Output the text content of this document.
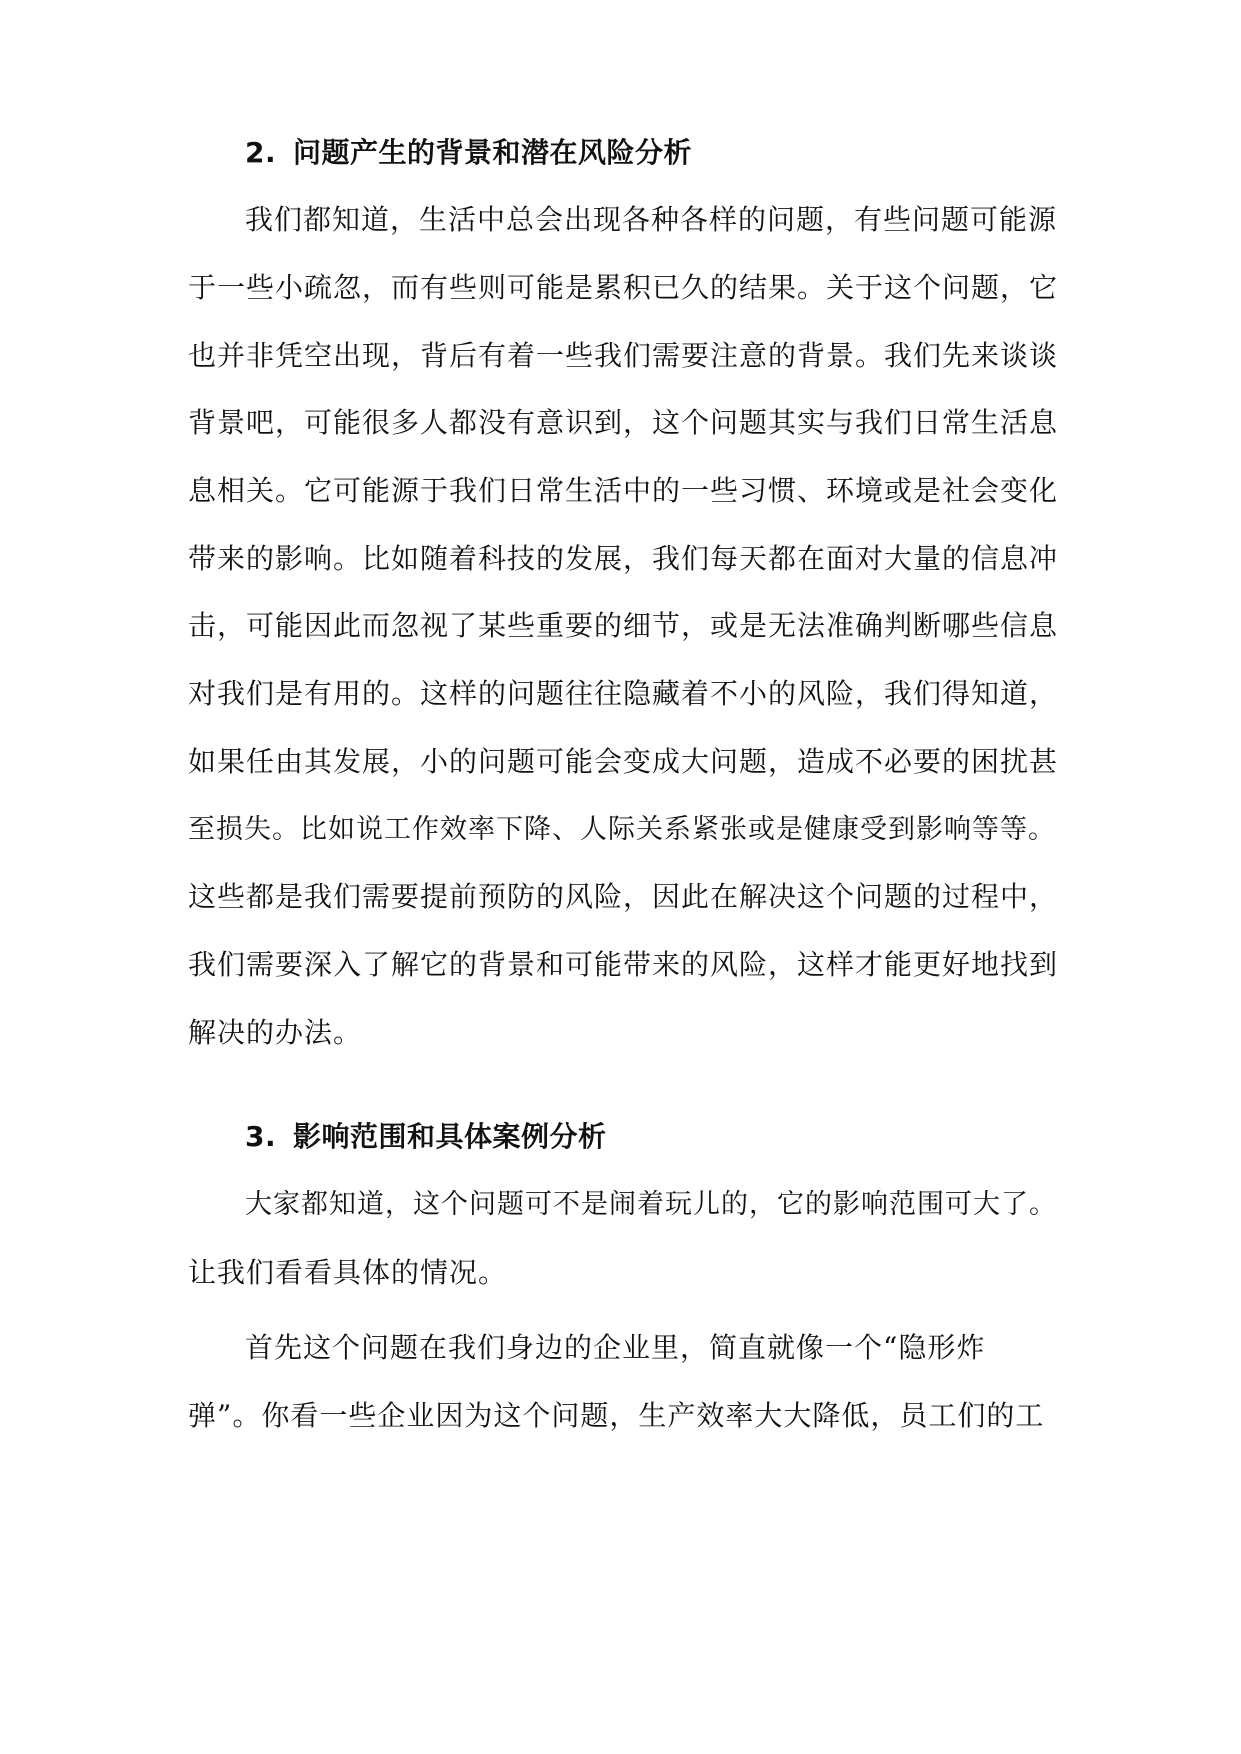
2. 问题产生的背景和潜在风险分析
我们都知道，生活中总会出现各种各样的问题，有些问题可能源
于一些小疏忽，而有些则可能是累积已久的结果。关于这个问题，它
也并非凭空出现，背后有着一些我们需要注意的背景。我们先来谈谈
背景吧，可能很多人都没有意识到，这个问题其实与我们日常生活息
息相关。它可能源于我们日常生活中的一些习惯、环境或是社会变化
带来的影响。比如随着科技的发展，我们每天都在面对大量的信息冲
击，可能因此而忽视了某些重要的细节，或是无法准确判断哪些信息
对我们是有用的。这样的问题往往隐藏着不小的风险，我们得知道，
如果任由其发展，小的问题可能会变成大问题，造成不必要的困扰甚
至损失。比如说工作效率下降、人际关系紧张或是健康受到影响等等。
这些都是我们需要提前预防的风险，因此在解决这个问题的过程中，
我们需要深入了解它的背景和可能带来的风险，这样才能更好地找到
解决的办法。
3. 影响范围和具体案例分析
大家都知道，这个问题可不是闹着玩儿的，它的影响范围可大了。
让我们看看具体的情况。
首先这个问题在我们身边的企业里，简直就像一个“隐形炸
弹”。你看一些企业因为这个问题，生产效率大大降低，员工们的工
